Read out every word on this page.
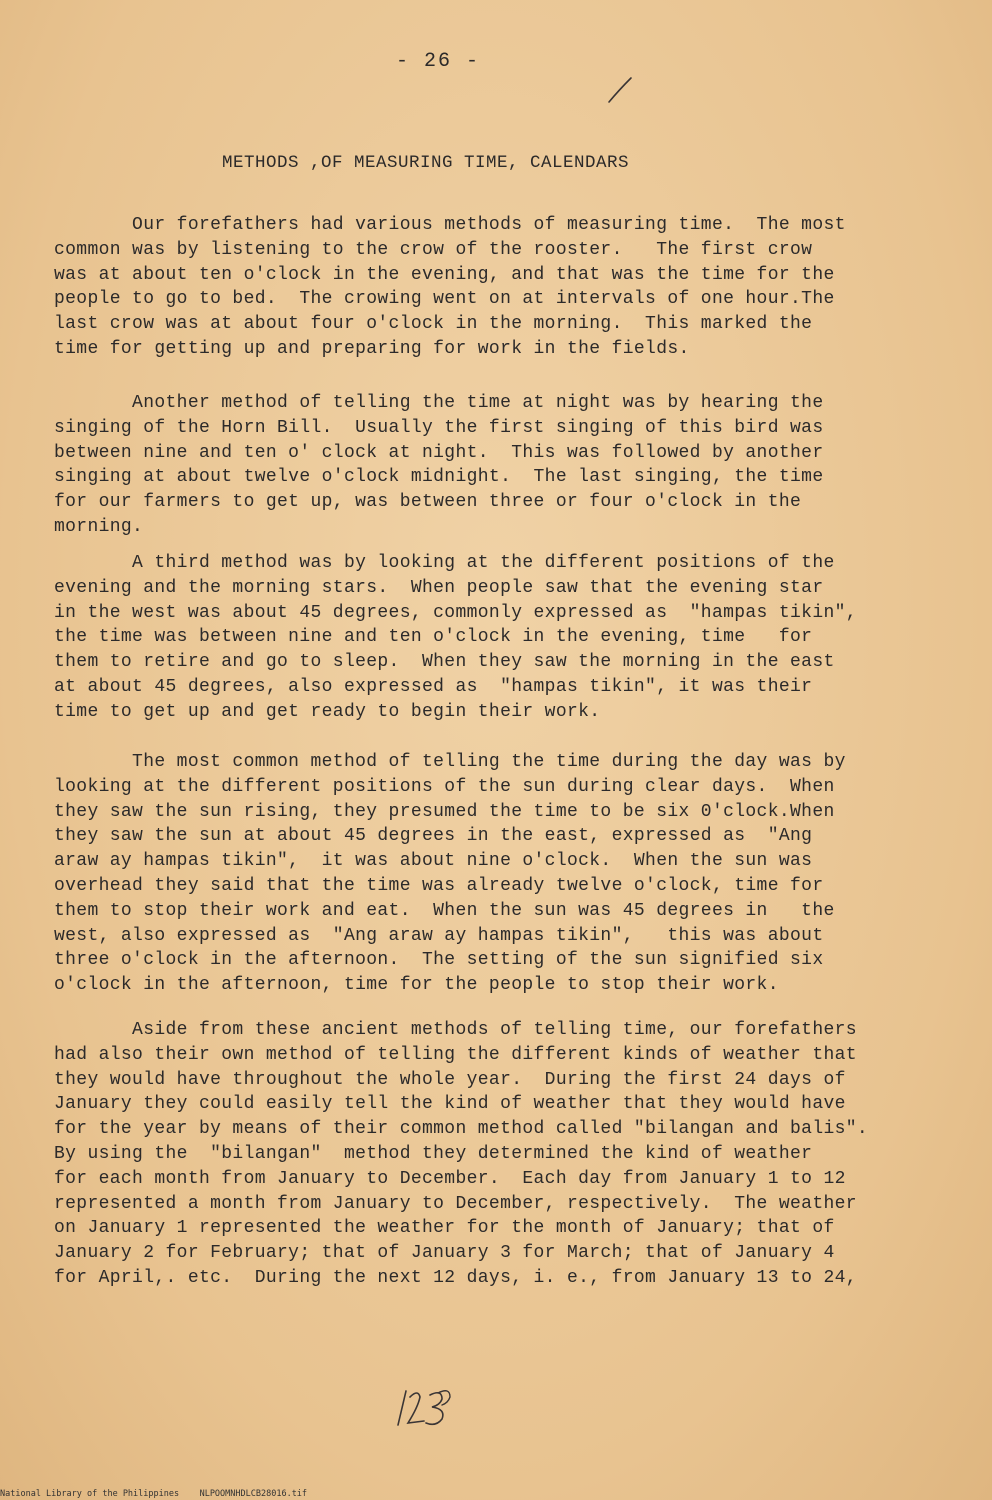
- 26 -
METHODS ,OF MEASURING TIME, CALENDARS
Our forefathers had various methods of measuring time.  The most
common was by listening to the crow of the rooster.   The first crow
was at about ten o'clock in the evening, and that was the time for the
people to go to bed.  The crowing went on at intervals of one hour.The
last crow was at about four o'clock in the morning.  This marked the
time for getting up and preparing for work in the fields.
Another method of telling the time at night was by hearing the
singing of the Horn Bill.  Usually the first singing of this bird was
between nine and ten o' clock at night.  This was followed by another
singing at about twelve o'clock midnight.  The last singing, the time
for our farmers to get up, was between three or four o'clock in the
morning.
A third method was by looking at the different positions of the
evening and the morning stars.  When people saw that the evening star
in the west was about 45 degrees, commonly expressed as  "hampas tikin",
the time was between nine and ten o'clock in the evening, time   for
them to retire and go to sleep.  When they saw the morning in the east
at about 45 degrees, also expressed as  "hampas tikin", it was their
time to get up and get ready to begin their work.
The most common method of telling the time during the day was by
looking at the different positions of the sun during clear days.  When
they saw the sun rising, they presumed the time to be six 0'clock.When
they saw the sun at about 45 degrees in the east, expressed as  "Ang
araw ay hampas tikin",  it was about nine o'clock.  When the sun was
overhead they said that the time was already twelve o'clock, time for
them to stop their work and eat.  When the sun was 45 degrees in   the
west, also expressed as  "Ang araw ay hampas tikin",   this was about
three o'clock in the afternoon.  The setting of the sun signified six
o'clock in the afternoon, time for the people to stop their work.
Aside from these ancient methods of telling time, our forefathers
had also their own method of telling the different kinds of weather that
they would have throughout the whole year.  During the first 24 days of
January they could easily tell the kind of weather that they would have
for the year by means of their common method called "bilangan and balis".
By using the  "bilangan"  method they determined the kind of weather
for each month from January to December.  Each day from January 1 to 12
represented a month from January to December, respectively.  The weather
on January 1 represented the weather for the month of January; that of
January 2 for February; that of January 3 for March; that of January 4
for April,. etc.  During the next 12 days, i. e., from January 13 to 24,
National Library of the Philippines    NLPOOMNHDLCB28016.tif
